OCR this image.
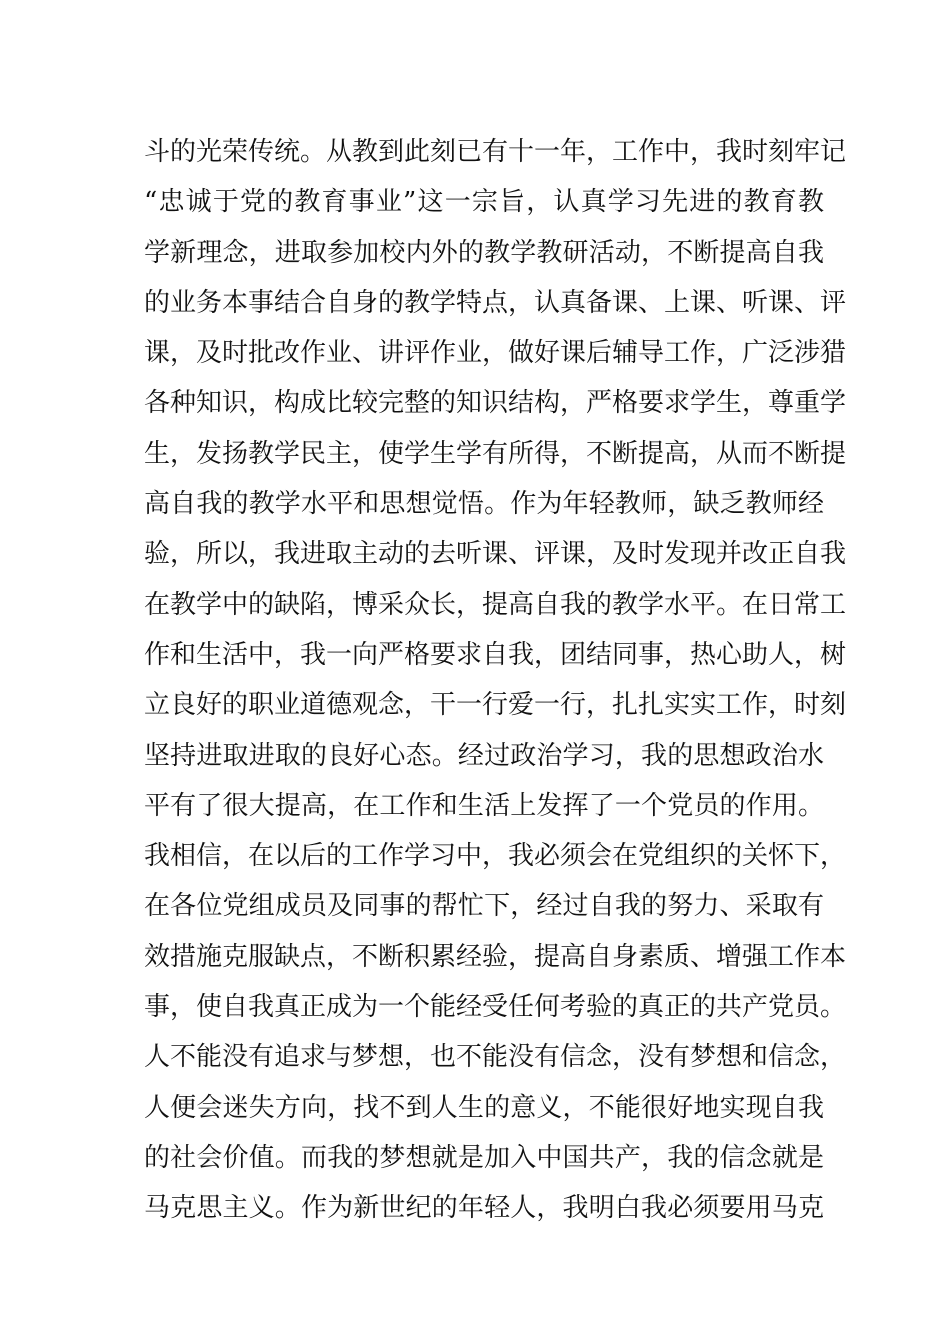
斗的光荣传统。从教到此刻已有十一年，工作中，我时刻牢记
“忠诚于党的教育事业”这一宗旨，认真学习先进的教育教
学新理念，进取参加校内外的教学教研活动，不断提高自我
的业务本事结合自身的教学特点，认真备课、上课、听课、评
课，及时批改作业、讲评作业，做好课后辅导工作，广泛涉猎
各种知识，构成比较完整的知识结构，严格要求学生，尊重学
生，发扬教学民主，使学生学有所得，不断提高，从而不断提
高自我的教学水平和思想觉悟。作为年轻教师，缺乏教师经
验，所以，我进取主动的去听课、评课，及时发现并改正自我
在教学中的缺陷，博采众长，提高自我的教学水平。在日常工
作和生活中，我一向严格要求自我，团结同事，热心助人，树
立良好的职业道德观念，干一行爱一行，扎扎实实工作，时刻
坚持进取进取的良好心态。经过政治学习，我的思想政治水
平有了很大提高，在工作和生活上发挥了一个党员的作用。
我相信，在以后的工作学习中，我必须会在党组织的关怀下，
在各位党组成员及同事的帮忙下，经过自我的努力、采取有
效措施克服缺点，不断积累经验，提高自身素质、增强工作本
事，使自我真正成为一个能经受任何考验的真正的共产党员。
人不能没有追求与梦想，也不能没有信念，没有梦想和信念，
人便会迷失方向，找不到人生的意义，不能很好地实现自我
的社会价值。而我的梦想就是加入中国共产，我的信念就是
马克思主义。作为新世纪的年轻人，我明白我必须要用马克
